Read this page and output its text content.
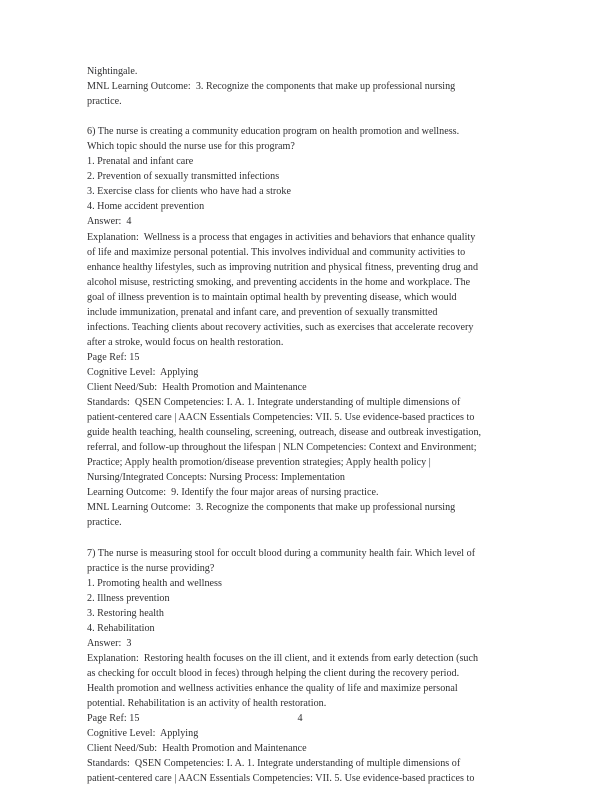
Nightingale.
MNL Learning Outcome:  3. Recognize the components that make up professional nursing
practice.
6) The nurse is creating a community education program on health promotion and wellness.
Which topic should the nurse use for this program?
1. Prenatal and infant care
2. Prevention of sexually transmitted infections
3. Exercise class for clients who have had a stroke
4. Home accident prevention
Answer:  4
Explanation:  Wellness is a process that engages in activities and behaviors that enhance quality
of life and maximize personal potential. This involves individual and community activities to
enhance healthy lifestyles, such as improving nutrition and physical fitness, preventing drug and
alcohol misuse, restricting smoking, and preventing accidents in the home and workplace. The
goal of illness prevention is to maintain optimal health by preventing disease, which would
include immunization, prenatal and infant care, and prevention of sexually transmitted
infections. Teaching clients about recovery activities, such as exercises that accelerate recovery
after a stroke, would focus on health restoration.
Page Ref: 15
Cognitive Level:  Applying
Client Need/Sub:  Health Promotion and Maintenance
Standards:  QSEN Competencies: I. A. 1. Integrate understanding of multiple dimensions of
patient-centered care | AACN Essentials Competencies: VII. 5. Use evidence-based practices to
guide health teaching, health counseling, screening, outreach, disease and outbreak investigation,
referral, and follow-up throughout the lifespan | NLN Competencies: Context and Environment;
Practice; Apply health promotion/disease prevention strategies; Apply health policy |
Nursing/Integrated Concepts: Nursing Process: Implementation
Learning Outcome:  9. Identify the four major areas of nursing practice.
MNL Learning Outcome:  3. Recognize the components that make up professional nursing
practice.
7) The nurse is measuring stool for occult blood during a community health fair. Which level of
practice is the nurse providing?
1. Promoting health and wellness
2. Illness prevention
3. Restoring health
4. Rehabilitation
Answer:  3
Explanation:  Restoring health focuses on the ill client, and it extends from early detection (such
as checking for occult blood in feces) through helping the client during the recovery period.
Health promotion and wellness activities enhance the quality of life and maximize personal
potential. Rehabilitation is an activity of health restoration.
Page Ref: 15
Cognitive Level:  Applying
Client Need/Sub:  Health Promotion and Maintenance
Standards:  QSEN Competencies: I. A. 1. Integrate understanding of multiple dimensions of
patient-centered care | AACN Essentials Competencies: VII. 5. Use evidence-based practices to
4
